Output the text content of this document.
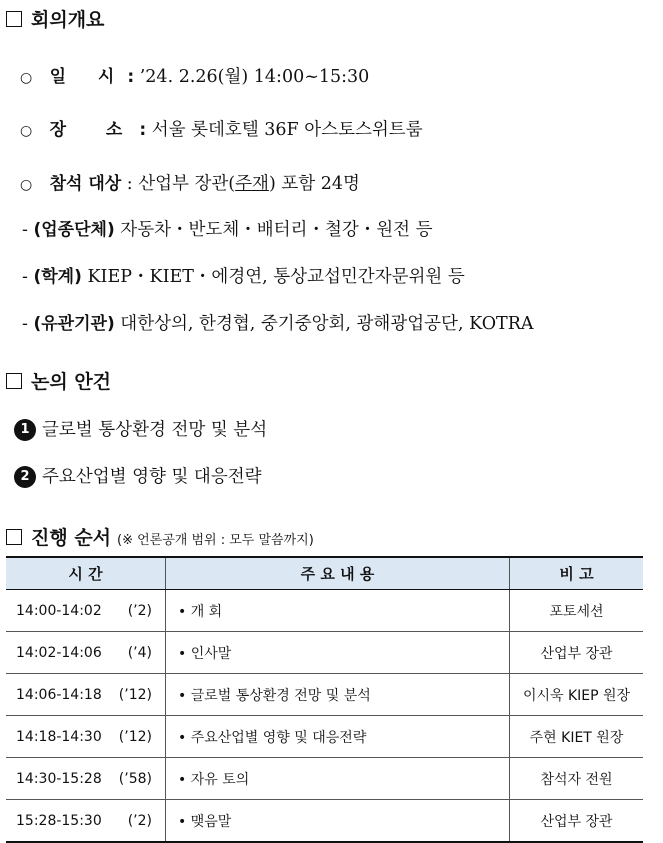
회의개요
○ 일 시: ’24. 2.26(월) 14:00~15:30
○ 장 소: 서울 롯데호텔 36F 아스토스위트룸
○ 참석 대상 : 산업부 장관(주재) 포함 24명
- (업종단체) 자동차・반도체・배터리・철강・원전 등
- (학계) KIEP・KIET・에경연, 통상교섭민간자문위원 등
- (유관기관) 대한상의, 한경협, 중기중앙회, 광해광업공단, KOTRA
논의 안건
1 글로벌 통상환경 전망 및 분석
2 주요산업별 영향 및 대응전략
진행 순서 (※ 언론공개 범위 : 모두 말씀까지)
시 간	주 요 내 용	비 고
14:00-14:02 (’2)	• 개 회	포토세션
14:02-14:06 (’4)	• 인사말	산업부 장관
14:06-14:18 (’12)	• 글로벌 통상환경 전망 및 분석	이시욱 KIEP 원장
14:18-14:30 (’12)	• 주요산업별 영향 및 대응전략	주현 KIET 원장
14:30-15:28 (’58)	• 자유 토의	참석자 전원
15:28-15:30 (’2)	• 맺음말	산업부 장관
